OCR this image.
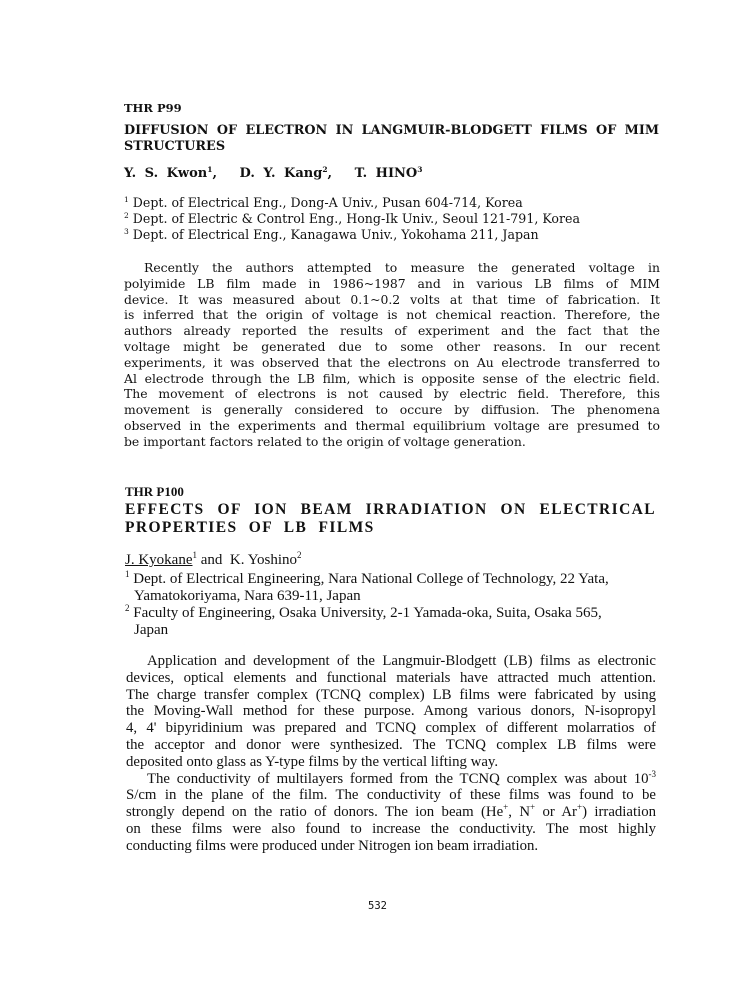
THR P99
DIFFUSION OF ELECTRON IN LANGMUIR-BLODGETT FILMS OF MIM
STRUCTURES
Y. S. Kwon$^1$, D. Y. Kang$^2$, T. HINO$^3$
$^1$ Dept. of Electrical Eng., Dong-A Univ., Pusan 604-714, Korea
$^2$ Dept. of Electric & Control Eng., Hong-Ik Univ., Seoul 121-791, Korea
$^3$ Dept. of Electrical Eng., Kanagawa Univ., Yokohama 211, Japan
Recently the authors attempted to measure the generated voltage in
polyimide LB film made in 1986~1987 and in various LB films of MIM
device. It was measured about 0.1~0.2 volts at that time of fabrication. It
is inferred that the origin of voltage is not chemical reaction. Therefore, the
authors already reported the results of experiment and the fact that the
voltage might be generated due to some other reasons. In our recent
experiments, it was observed that the electrons on Au electrode transferred to
Al electrode through the LB film, which is opposite sense of the electric field.
The movement of electrons is not caused by electric field. Therefore, this
movement is generally considered to occure by diffusion. The phenomena
observed in the experiments and thermal equilibrium voltage are presumed to
be important factors related to the origin of voltage generation.
THR P100
EFFECTS OF ION BEAM IRRADIATION ON ELECTRICAL
PROPERTIES OF LB FILMS
J. Kyokane$^1$ and K. Yoshino$^2$
$^1$ Dept. of Electrical Engineering, Nara National College of Technology, 22 Yata,
Yamatokoriyama, Nara 639-11, Japan
$^2$ Faculty of Engineering, Osaka University, 2-1 Yamada-oka, Suita, Osaka 565,
Japan
Application and development of the Langmuir-Blodgett (LB) films as electronic
devices, optical elements and functional materials have attracted much attention.
The charge transfer complex (TCNQ complex) LB films were fabricated by using
the Moving-Wall method for these purpose. Among various donors, N-isopropyl
4, 4' bipyridinium was prepared and TCNQ complex of different molarratios of
the acceptor and donor were synthesized. The TCNQ complex LB films were
deposited onto glass as Y-type films by the vertical lifting way.
The conductivity of multilayers formed from the TCNQ complex was about $10^{-3}$
S/cm in the plane of the film. The conductivity of these films was found to be
strongly depend on the ratio of donors. The ion beam (He+, N+ or Ar+) irradiation
on these films were also found to increase the conductivity. The most highly
conducting films were produced under Nitrogen ion beam irradiation.
532
